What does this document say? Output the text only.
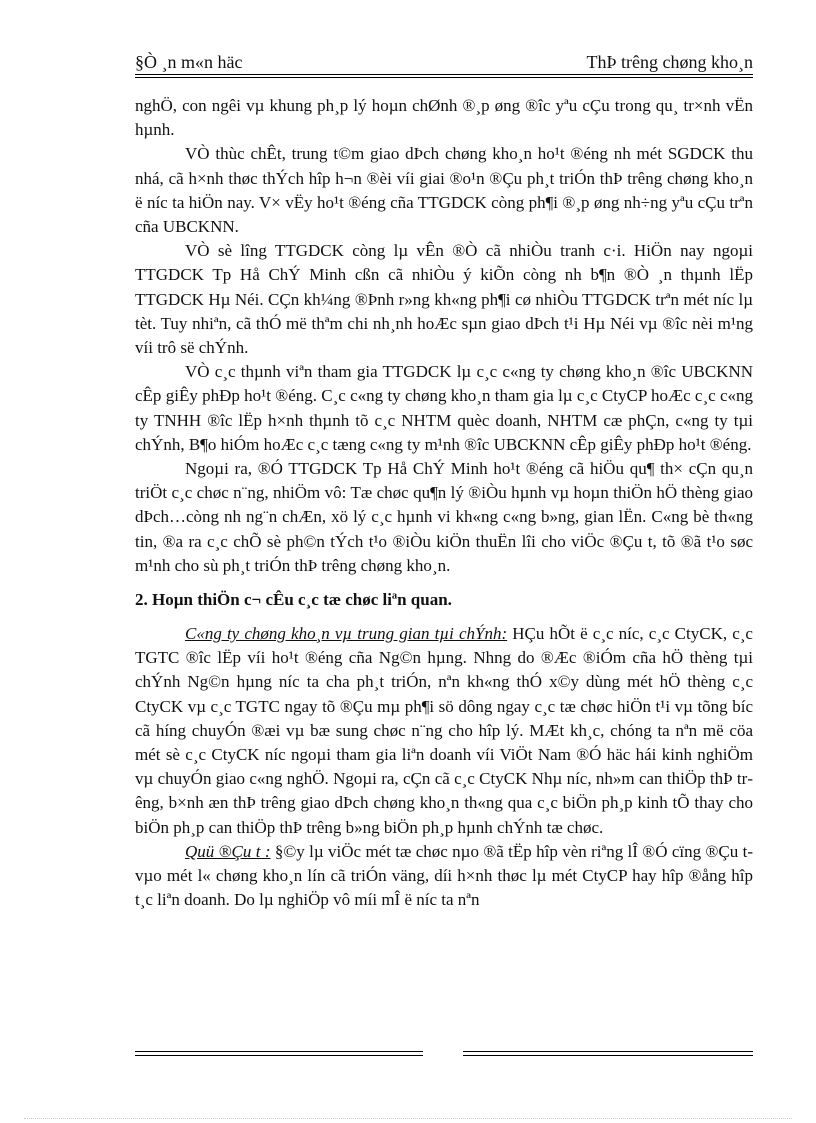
§Ò ¸n m«n häc	ThÞ trêng chøng kho¸n

nghÖ, con ngêi vµ khung ph¸p lý hoµn chØnh ®¸p øng ®îc yªu cÇu trong qu¸ tr×nh vËn hµnh.

VÒ thùc chÊt, trung t©m giao dÞch chøng kho¸n ho¹t ®éng nh mét SGDCK thu nhá, cã h×nh thøc thÝch hîp h¬n ®èi víi giai ®o¹n ®Çu ph¸t triÓn thÞ trêng chøng kho¸n ë níc ta hiÖn nay. V× vËy ho¹t ®éng cña TTGDCK còng ph¶i ®¸p øng nh÷ng yªu cÇu trªn cña UBCKNN.

VÒ sè lîng TTGDCK còng lµ vÊn ®Ò cã nhiÒu tranh c·i. HiÖn nay ngoµi TTGDCK Tp Hå ChÝ Minh cßn cã nhiÒu ý kiÕn còng nh b¶n ®Ò ¸n thµnh lËp TTGDCK Hµ Néi. CÇn kh¼ng ®Þnh r»ng kh«ng ph¶i cø nhiÒu TTGDCK trªn mét níc lµ tèt. Tuy nhiªn, cã thÓ më thªm chi nh¸nh hoÆc sµn giao dÞch t¹i Hµ Néi vµ ®îc nèi m¹ng víi trô së chÝnh.

VÒ c¸c thµnh viªn tham gia TTGDCK lµ c¸c c«ng ty chøng kho¸n ®îc UBCKNN cÊp giÊy phÐp ho¹t ®éng. C¸c c«ng ty chøng kho¸n tham gia lµ c¸c CtyCP hoÆc c¸c c«ng ty TNHH ®îc lËp h×nh thµnh tõ c¸c NHTM quèc doanh, NHTM cæ phÇn, c«ng ty tµi chÝnh, B¶o hiÓm hoÆc c¸c tæng c«ng ty m¹nh ®îc UBCKNN cÊp giÊy phÐp ho¹t ®éng.

Ngoµi ra, ®Ó TTGDCK Tp Hå ChÝ Minh ho¹t ®éng cã hiÖu qu¶ th× cÇn qu¸n triÖt c¸c chøc n¨ng, nhiÖm vô: Tæ chøc qu¶n lý ®iÒu hµnh vµ hoµn thiÖn hÖ thèng giao dÞch…còng nh ng¨n chÆn, xö lý c¸c hµnh vi kh«ng c«ng b»ng, gian lËn. C«ng bè th«ng tin, ®a ra c¸c chÕ sè ph©n tÝch t¹o ®iÒu kiÖn thuËn lîi cho viÖc ®Çu t, tõ ®ã t¹o søc m¹nh cho sù ph¸t triÓn thÞ trêng chøng kho¸n.

2. Hoµn thiÖn c¬ cÊu c¸c tæ chøc liªn quan.

C«ng ty chøng kho¸n vµ trung gian tµi chÝnh: HÇu hÕt ë c¸c níc, c¸c CtyCK, c¸c TGTC ®îc lËp víi ho¹t ®éng cña Ng©n hµng. Nhng do ®Æc ®iÓm cña hÖ thèng tµi chÝnh Ng©n hµng níc ta cha ph¸t triÓn, nªn kh«ng thÓ x©y dùng mét hÖ thèng c¸c CtyCK vµ c¸c TGTC ngay tõ ®Çu mµ ph¶i sö dông ngay c¸c tæ chøc hiÖn t¹i vµ tõng bíc cã híng chuyÓn ®æi vµ bæ sung chøc n¨ng cho hîp lý. MÆt kh¸c, chóng ta nªn më cöa mét sè c¸c CtyCK níc ngoµi tham gia liªn doanh víi ViÖt Nam ®Ó häc hái kinh nghiÖm vµ chuyÓn giao c«ng nghÖ. Ngoµi ra, cÇn cã c¸c CtyCK Nhµ níc, nh»m can thiÖp thÞ trêng, b×nh æn thÞ trêng giao dÞch chøng kho¸n th«ng qua c¸c biÖn ph¸p kinh tÕ thay cho biÖn ph¸p can thiÖp thÞ trêng b»ng biÖn ph¸p hµnh chÝnh tæ chøc.

Quü ®Çu t : §©y lµ viÖc mét tæ chøc nµo ®ã tËp hîp vèn riªng lÎ ®Ó cïng ®Çu t vµo mét l« chøng kho¸n lín cã triÓn väng, díi h×nh thøc lµ mét CtyCP hay hîp ®ång hîp t¸c liªn doanh. Do lµ nghiÖp vô míi mÎ ë níc ta nªn
